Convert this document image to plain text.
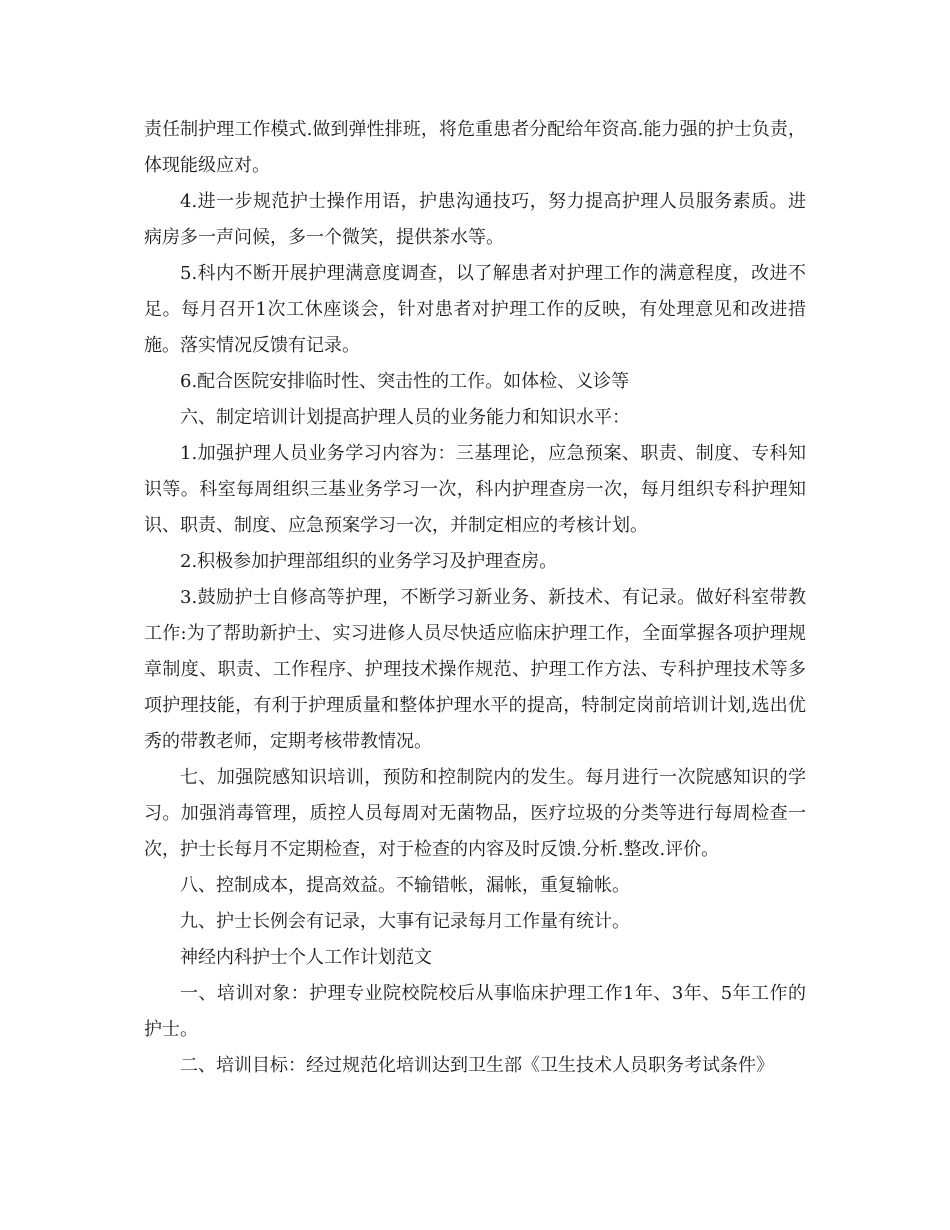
责任制护理工作模式.做到弹性排班，将危重患者分配给年资高.能力强的护士负责，体现能级应对。

4.进一步规范护士操作用语，护患沟通技巧，努力提高护理人员服务素质。进病房多一声问候，多一个微笑，提供茶水等。

5.科内不断开展护理满意度调查，以了解患者对护理工作的满意程度，改进不足。每月召开1次工休座谈会，针对患者对护理工作的反映，有处理意见和改进措施。落实情况反馈有记录。

6.配合医院安排临时性、突击性的工作。如体检、义诊等

六、制定培训计划提高护理人员的业务能力和知识水平：

1.加强护理人员业务学习内容为：三基理论，应急预案、职责、制度、专科知识等。科室每周组织三基业务学习一次，科内护理查房一次，每月组织专科护理知识、职责、制度、应急预案学习一次，并制定相应的考核计划。

2.积极参加护理部组织的业务学习及护理查房。

3.鼓励护士自修高等护理，不断学习新业务、新技术、有记录。做好科室带教工作:为了帮助新护士、实习进修人员尽快适应临床护理工作，全面掌握各项护理规章制度、职责、工作程序、护理技术操作规范、护理工作方法、专科护理技术等多项护理技能，有利于护理质量和整体护理水平的提高，特制定岗前培训计划,选出优秀的带教老师，定期考核带教情况。

七、加强院感知识培训，预防和控制院内的发生。每月进行一次院感知识的学习。加强消毒管理，质控人员每周对无菌物品，医疗垃圾的分类等进行每周检查一次，护士长每月不定期检查，对于检查的内容及时反馈.分析.整改.评价。

八、控制成本，提高效益。不输错帐，漏帐，重复输帐。

九、护士长例会有记录，大事有记录每月工作量有统计。

神经内科护士个人工作计划范文

一、培训对象：护理专业院校院校后从事临床护理工作1年、3年、5年工作的护士。

二、培训目标：经过规范化培训达到卫生部《卫生技术人员职务考试条件》
